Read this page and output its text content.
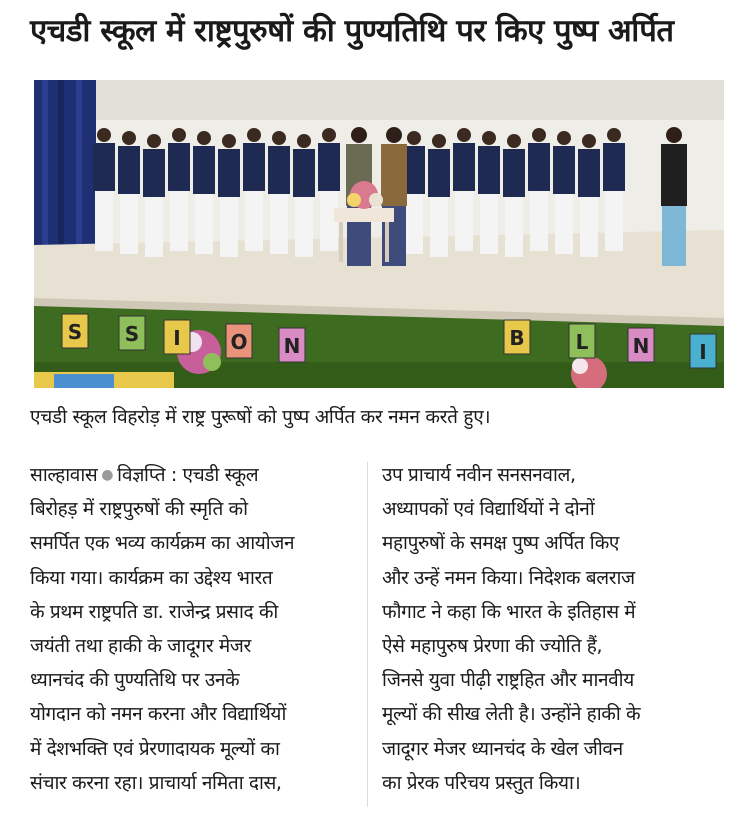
एचडी स्कूल में राष्ट्रपुरुषों की पुण्यतिथि पर किए पुष्प अर्पित
S S I O N	B	L N I
एचडी स्कूल विहरोड़ में राष्ट्र पुरूषों को पुष्प अर्पित कर नमन करते हुए।
साल्हावास ● विज्ञप्ति : एचडी स्कूल
बिरोहड़ में राष्ट्रपुरुषों की स्मृति को
समर्पित एक भव्य कार्यक्रम का आयोजन
किया गया। कार्यक्रम का उद्देश्य भारत
के प्रथम राष्ट्रपति डा. राजेन्द्र प्रसाद की
जयंती तथा हाकी के जादूगर मेजर
ध्यानचंद की पुण्यतिथि पर उनके
योगदान को नमन करना और विद्यार्थियों
में देशभक्ति एवं प्रेरणादायक मूल्यों का
संचार करना रहा। प्राचार्या नमिता दास,
उप प्राचार्य नवीन सनसनवाल,
अध्यापकों एवं विद्यार्थियों ने दोनों
महापुरुषों के समक्ष पुष्प अर्पित किए
और उन्हें नमन किया। निदेशक बलराज
फौगाट ने कहा कि भारत के इतिहास में
ऐसे महापुरुष प्रेरणा की ज्योति हैं,
जिनसे युवा पीढ़ी राष्ट्रहित और मानवीय
मूल्यों की सीख लेती है। उन्होंने हाकी के
जादूगर मेजर ध्यानचंद के खेल जीवन
का प्रेरक परिचय प्रस्तुत किया।
